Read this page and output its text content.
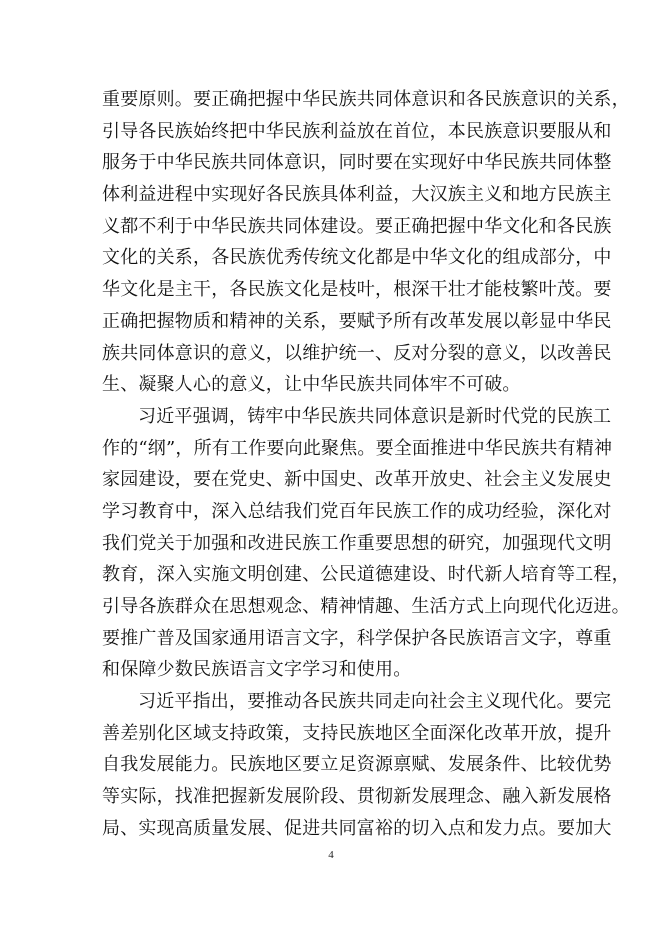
重要原则。要正确把握中华民族共同体意识和各民族意识的关系，
引导各民族始终把中华民族利益放在首位，本民族意识要服从和
服务于中华民族共同体意识，同时要在实现好中华民族共同体整
体利益进程中实现好各民族具体利益，大汉族主义和地方民族主
义都不利于中华民族共同体建设。要正确把握中华文化和各民族
文化的关系，各民族优秀传统文化都是中华文化的组成部分，中
华文化是主干，各民族文化是枝叶，根深干壮才能枝繁叶茂。要
正确把握物质和精神的关系，要赋予所有改革发展以彰显中华民
族共同体意识的意义，以维护统一、反对分裂的意义，以改善民
生、凝聚人心的意义，让中华民族共同体牢不可破。
习近平强调，铸牢中华民族共同体意识是新时代党的民族工
作的“纲”，所有工作要向此聚焦。要全面推进中华民族共有精神
家园建设，要在党史、新中国史、改革开放史、社会主义发展史
学习教育中，深入总结我们党百年民族工作的成功经验，深化对
我们党关于加强和改进民族工作重要思想的研究，加强现代文明
教育，深入实施文明创建、公民道德建设、时代新人培育等工程，
引导各族群众在思想观念、精神情趣、生活方式上向现代化迈进。
要推广普及国家通用语言文字，科学保护各民族语言文字，尊重
和保障少数民族语言文字学习和使用。
习近平指出，要推动各民族共同走向社会主义现代化。要完
善差别化区域支持政策，支持民族地区全面深化改革开放，提升
自我发展能力。民族地区要立足资源禀赋、发展条件、比较优势
等实际，找准把握新发展阶段、贯彻新发展理念、融入新发展格
局、实现高质量发展、促进共同富裕的切入点和发力点。要加大
4
